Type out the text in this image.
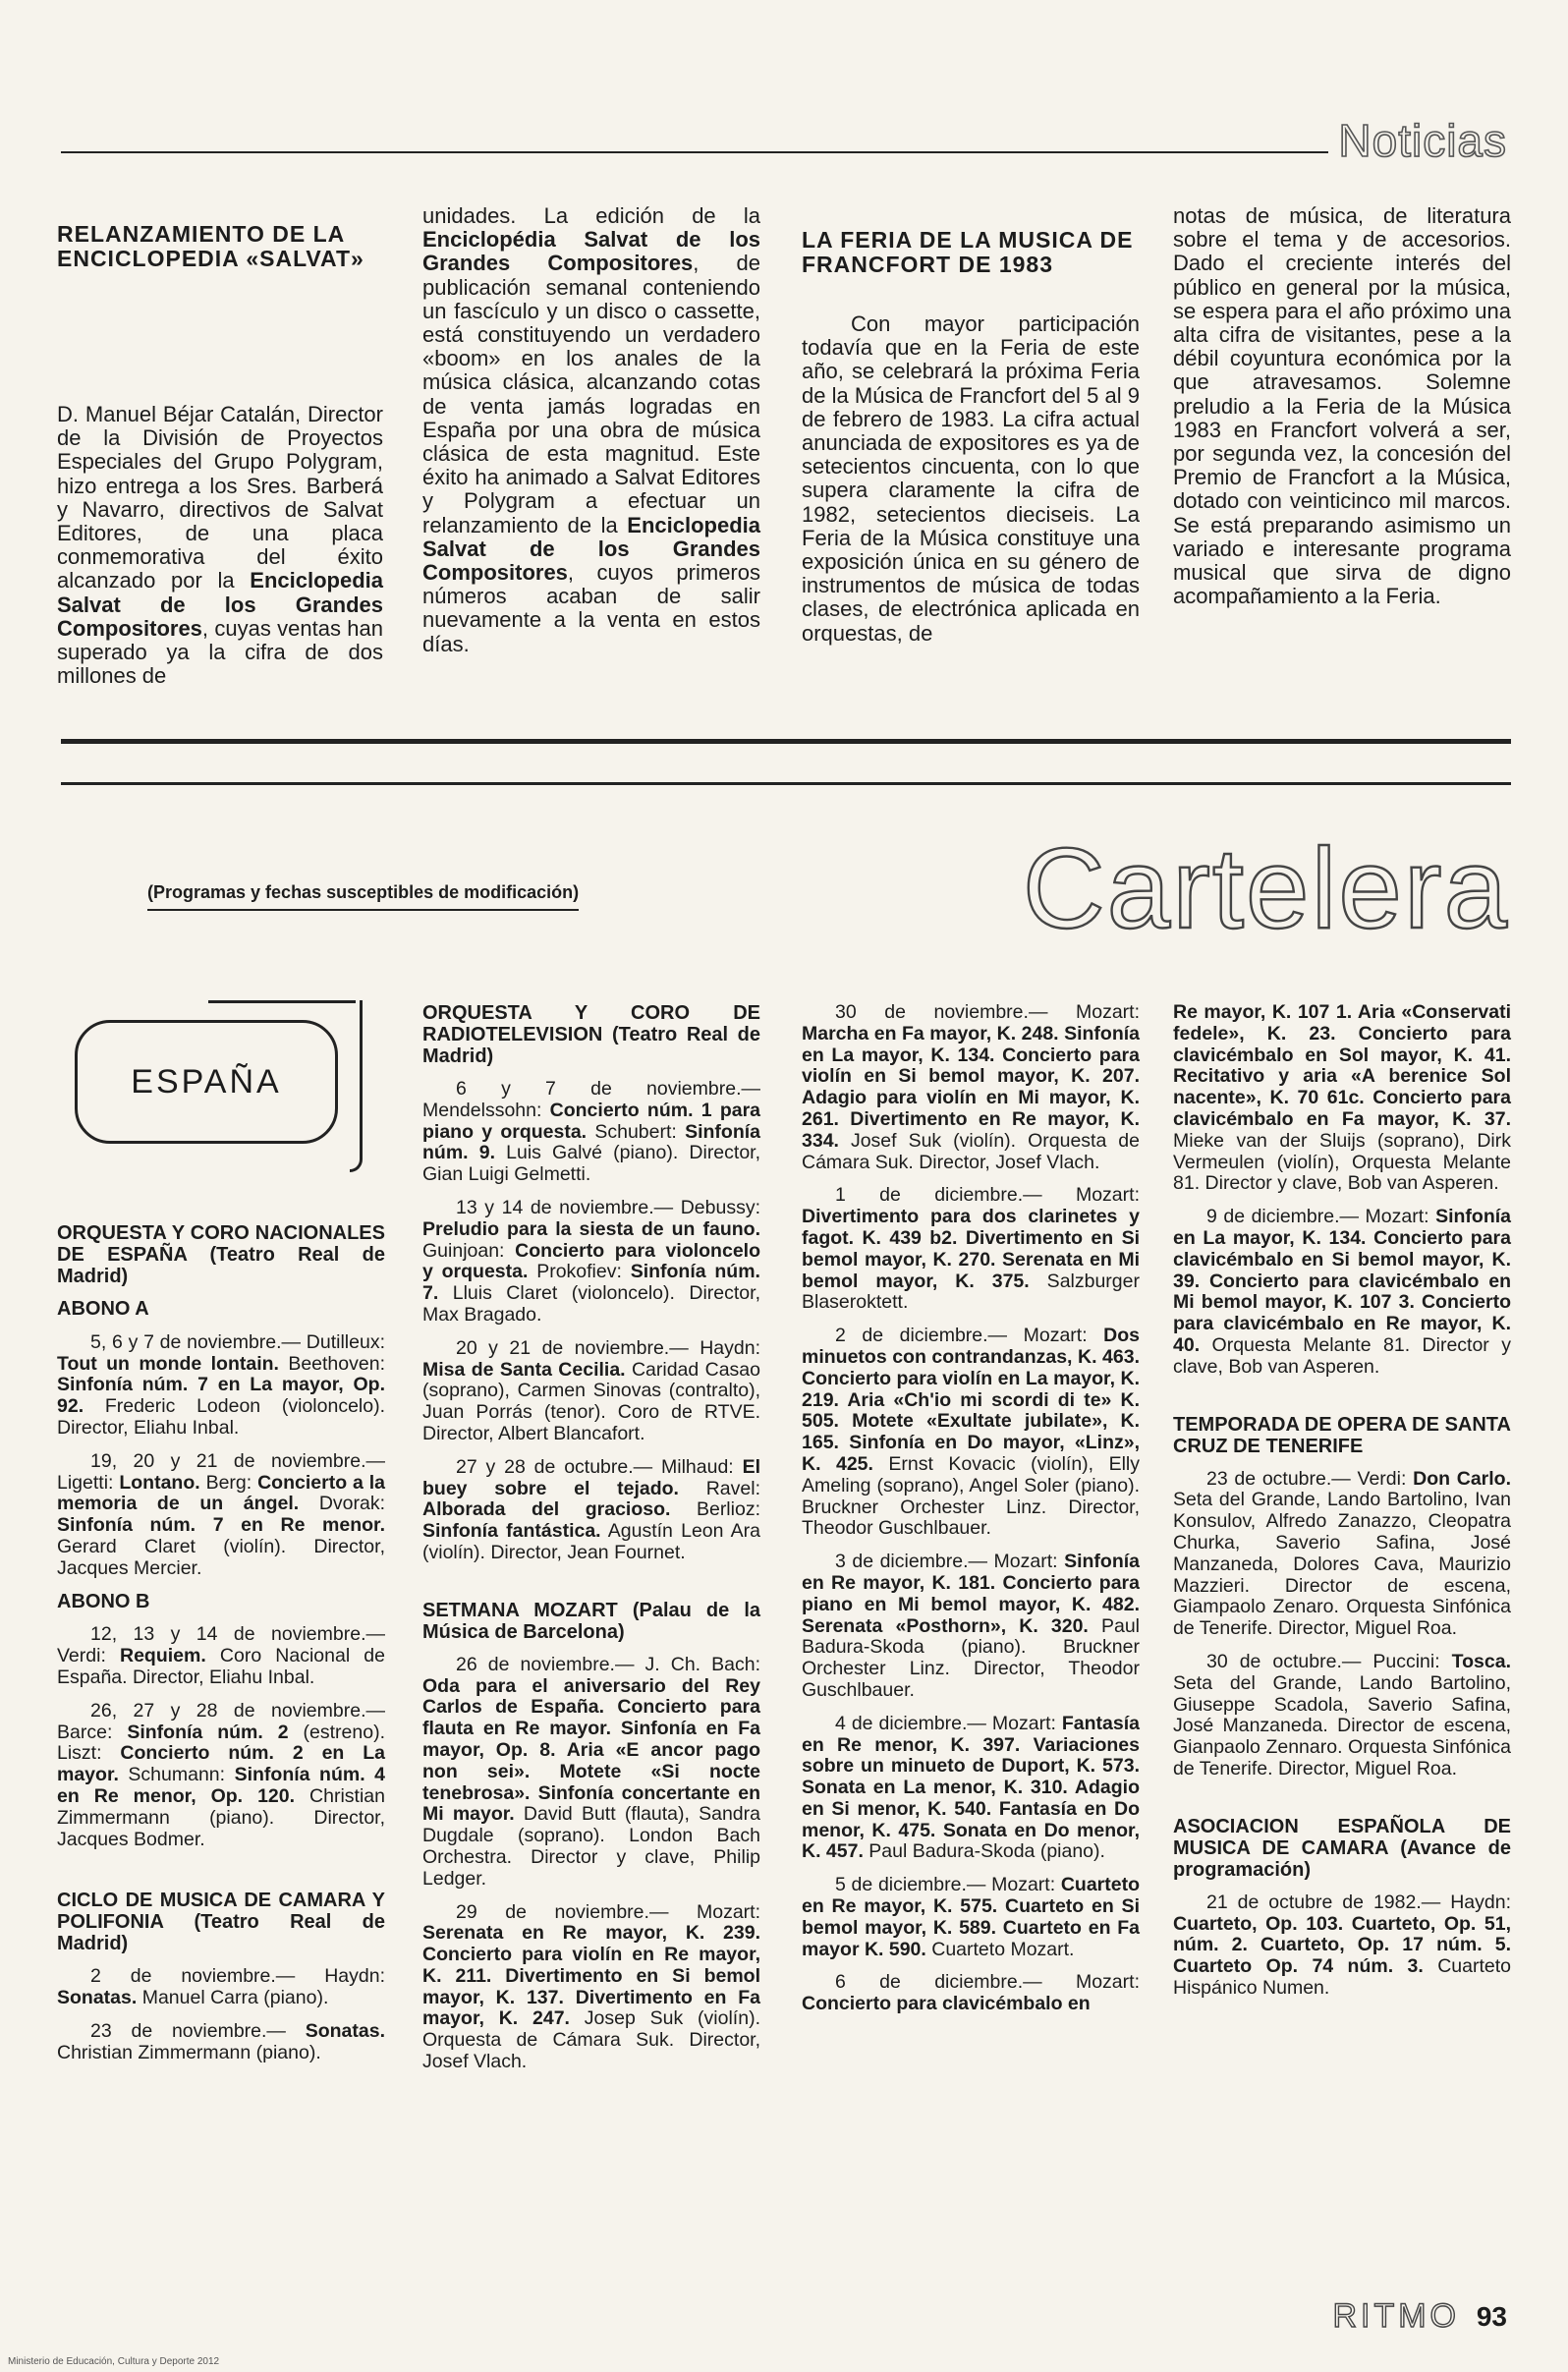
Noticias
RELANZAMIENTO DE LA ENCICLOPEDIA «SALVAT»
D. Manuel Béjar Catalán, Director de la División de Proyectos Especiales del Grupo Polygram, hizo entrega a los Sres. Barberá y Navarro, directivos de Salvat Editores, de una placa conmemorativa del éxito alcanzado por la Enciclopedia Salvat de los Grandes Compositores, cuyas ventas han superado ya la cifra de dos millones de
unidades. La edición de la Enciclopédia Salvat de los Grandes Compositores, de publicación semanal conteniendo un fascículo y un disco o cassette, está constituyendo un verdadero «boom» en los anales de la música clásica, alcanzando cotas de venta jamás logradas en España por una obra de música clásica de esta magnitud. Este éxito ha animado a Salvat Editores y Polygram a efectuar un relanzamiento de la Enciclopedia Salvat de los Grandes Compositores, cuyos primeros números acaban de salir nuevamente a la venta en estos días.
LA FERIA DE LA MUSICA DE FRANCFORT DE 1983
Con mayor participación todavía que en la Feria de este año, se celebrará la próxima Feria de la Música de Francfort del 5 al 9 de febrero de 1983. La cifra actual anunciada de expositores es ya de setecientos cincuenta, con lo que supera claramente la cifra de 1982, setecientos dieciseis. La Feria de la Música constituye una exposición única en su género de instrumentos de música de todas clases, de electrónica aplicada en orquestas, de
notas de música, de literatura sobre el tema y de accesorios. Dado el creciente interés del público en general por la música, se espera para el año próximo una alta cifra de visitantes, pese a la débil coyuntura económica por la que atravesamos. Solemne preludio a la Feria de la Música 1983 en Francfort volverá a ser, por segunda vez, la concesión del Premio de Francfort a la Música, dotado con veinticinco mil marcos. Se está preparando asimismo un variado e interesante programa musical que sirva de digno acompañamiento a la Feria.
(Programas y fechas susceptibles de modificación)	Cartelera
ESPAÑA

ORQUESTA Y CORO NACIONALES DE ESPAÑA (Teatro Real de Madrid)

ABONO A

5, 6 y 7 de noviembre.— Dutilleux: Tout un monde lontain. Beethoven: Sinfonía núm. 7 en La mayor, Op. 92. Frederic Lodeon (violoncelo). Director, Eliahu Inbal.

19, 20 y 21 de noviembre.— Ligetti: Lontano. Berg: Concierto a la memoria de un ángel. Dvorak: Sinfonía núm. 7 en Re menor. Gerard Claret (violín). Director, Jacques Mercier.

ABONO B

12, 13 y 14 de noviembre.— Verdi: Requiem. Coro Nacional de España. Director, Eliahu Inbal.

26, 27 y 28 de noviembre.— Barce: Sinfonía núm. 2 (estreno). Liszt: Concierto núm. 2 en La mayor. Schumann: Sinfonía núm. 4 en Re menor, Op. 120. Christian Zimmermann (piano). Director, Jacques Bodmer.

CICLO DE MUSICA DE CAMARA Y POLIFONIA (Teatro Real de Madrid)

2 de noviembre.— Haydn: Sonatas. Manuel Carra (piano).

23 de noviembre.— Sonatas. Christian Zimmermann (piano).

ORQUESTA Y CORO DE RADIOTELEVISION (Teatro Real de Madrid)

6 y 7 de noviembre.— Mendelssohn: Concierto núm. 1 para piano y orquesta. Schubert: Sinfonía núm. 9. Luis Galvé (piano). Director, Gian Luigi Gelmetti.

13 y 14 de noviembre.— Debussy: Preludio para la siesta de un fauno. Guinjoan: Concierto para violoncelo y orquesta. Prokofiev: Sinfonía núm. 7. Lluis Claret (violoncelo). Director, Max Bragado.

20 y 21 de noviembre.— Haydn: Misa de Santa Cecilia. Caridad Casao (soprano), Carmen Sinovas (contralto), Juan Porrás (tenor). Coro de RTVE. Director, Albert Blancafort.

27 y 28 de octubre.— Milhaud: El buey sobre el tejado. Ravel: Alborada del gracioso. Berlioz: Sinfonía fantástica. Agustín Leon Ara (violín). Director, Jean Fournet.

SETMANA MOZART (Palau de la Música de Barcelona)

26 de noviembre.— J. Ch. Bach: Oda para el aniversario del Rey Carlos de España. Concierto para flauta en Re mayor. Sinfonía en Fa mayor, Op. 8. Aria «E ancor pago non sei». Motete «Si nocte tenebrosa». Sinfonía concertante en Mi mayor. David Butt (flauta), Sandra Dugdale (soprano). London Bach Orchestra. Director y clave, Philip Ledger.

29 de noviembre.— Mozart: Serenata en Re mayor, K. 239. Concierto para violín en Re mayor, K. 211. Divertimento en Si bemol mayor, K. 137. Divertimento en Fa mayor, K. 247. Josep Suk (violín). Orquesta de Cámara Suk. Director, Josef Vlach.

30 de noviembre.— Mozart: Marcha en Fa mayor, K. 248. Sinfonía en La mayor, K. 134. Concierto para violín en Si bemol mayor, K. 207. Adagio para violín en Mi mayor, K. 261. Divertimento en Re mayor, K. 334. Josef Suk (violín). Orquesta de Cámara Suk. Director, Josef Vlach.

1 de diciembre.— Mozart: Divertimento para dos clarinetes y fagot. K. 439 b2. Divertimento en Si bemol mayor, K. 270. Serenata en Mi bemol mayor, K. 375. Salzburger Blaseroktett.

2 de diciembre.— Mozart: Dos minuetos con contrandanzas, K. 463. Concierto para violín en La mayor, K. 219. Aria «Ch'io mi scordi di te» K. 505. Motete «Exultate jubilate», K. 165. Sinfonía en Do mayor, «Linz», K. 425. Ernst Kovacic (violín), Elly Ameling (soprano), Angel Soler (piano). Bruckner Orchester Linz. Director, Theodor Guschlbauer.

3 de diciembre.— Mozart: Sinfonía en Re mayor, K. 181. Concierto para piano en Mi bemol mayor, K. 482. Serenata «Posthorn», K. 320. Paul Badura-Skoda (piano). Bruckner Orchester Linz. Director, Theodor Guschlbauer.

4 de diciembre.— Mozart: Fantasía en Re menor, K. 397. Variaciones sobre un minueto de Duport, K. 573. Sonata en La menor, K. 310. Adagio en Si menor, K. 540. Fantasía en Do menor, K. 475. Sonata en Do menor, K. 457. Paul Badura-Skoda (piano).

5 de diciembre.— Mozart: Cuarteto en Re mayor, K. 575. Cuarteto en Si bemol mayor, K. 589. Cuarteto en Fa mayor K. 590. Cuarteto Mozart.

6 de diciembre.— Mozart: Concierto para clavicémbalo en

Re mayor, K. 107 1. Aria «Conservati fedele», K. 23. Concierto para clavicémbalo en Sol mayor, K. 41. Recitativo y aria «A berenice Sol nacente», K. 70 61c. Concierto para clavicémbalo en Fa mayor, K. 37. Mieke van der Sluijs (soprano), Dirk Vermeulen (violín), Orquesta Melante 81. Director y clave, Bob van Asperen.

9 de diciembre.— Mozart: Sinfonía en La mayor, K. 134. Concierto para clavicémbalo en Si bemol mayor, K. 39. Concierto para clavicémbalo en Mi bemol mayor, K. 107 3. Concierto para clavicémbalo en Re mayor, K. 40. Orquesta Melante 81. Director y clave, Bob van Asperen.

TEMPORADA DE OPERA DE SANTA CRUZ DE TENERIFE

23 de octubre.— Verdi: Don Carlo. Seta del Grande, Lando Bartolino, Ivan Konsulov, Alfredo Zanazzo, Cleopatra Churka, Saverio Safina, José Manzaneda, Dolores Cava, Maurizio Mazzieri. Director de escena, Giampaolo Zenaro. Orquesta Sinfónica de Tenerife. Director, Miguel Roa.

30 de octubre.— Puccini: Tosca. Seta del Grande, Lando Bartolino, Giuseppe Scadola, Saverio Safina, José Manzaneda. Director de escena, Gianpaolo Zennaro. Orquesta Sinfónica de Tenerife. Director, Miguel Roa.

ASOCIACION ESPAÑOLA DE MUSICA DE CAMARA (Avance de programación)

21 de octubre de 1982.— Haydn: Cuarteto, Op. 103. Cuarteto, Op. 51, núm. 2. Cuarteto, Op. 17 núm. 5. Cuarteto Op. 74 núm. 3. Cuarteto Hispánico Numen.

RITMO 93
Ministerio de Educación, Cultura y Deporte 2012
